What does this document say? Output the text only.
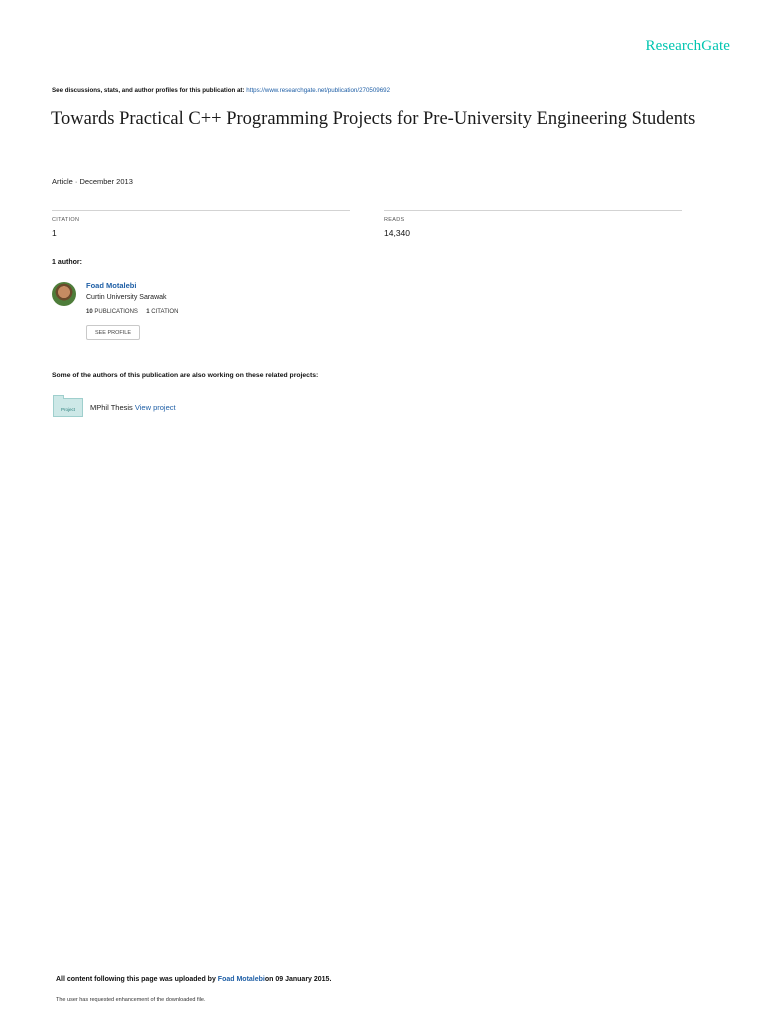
ResearchGate
See discussions, stats, and author profiles for this publication at: https://www.researchgate.net/publication/270509692
Towards Practical C++ Programming Projects for Pre-University Engineering Students
Article · December 2013
CITATION
1
READS
14,340
1 author:
Foad Motalebi
Curtin University Sarawak
10 PUBLICATIONS 1 CITATION
SEE PROFILE
Some of the authors of this publication are also working on these related projects:
Project	MPhil Thesis View project
All content following this page was uploaded by Foad Motalebion 09 January 2015.
The user has requested enhancement of the downloaded file.
